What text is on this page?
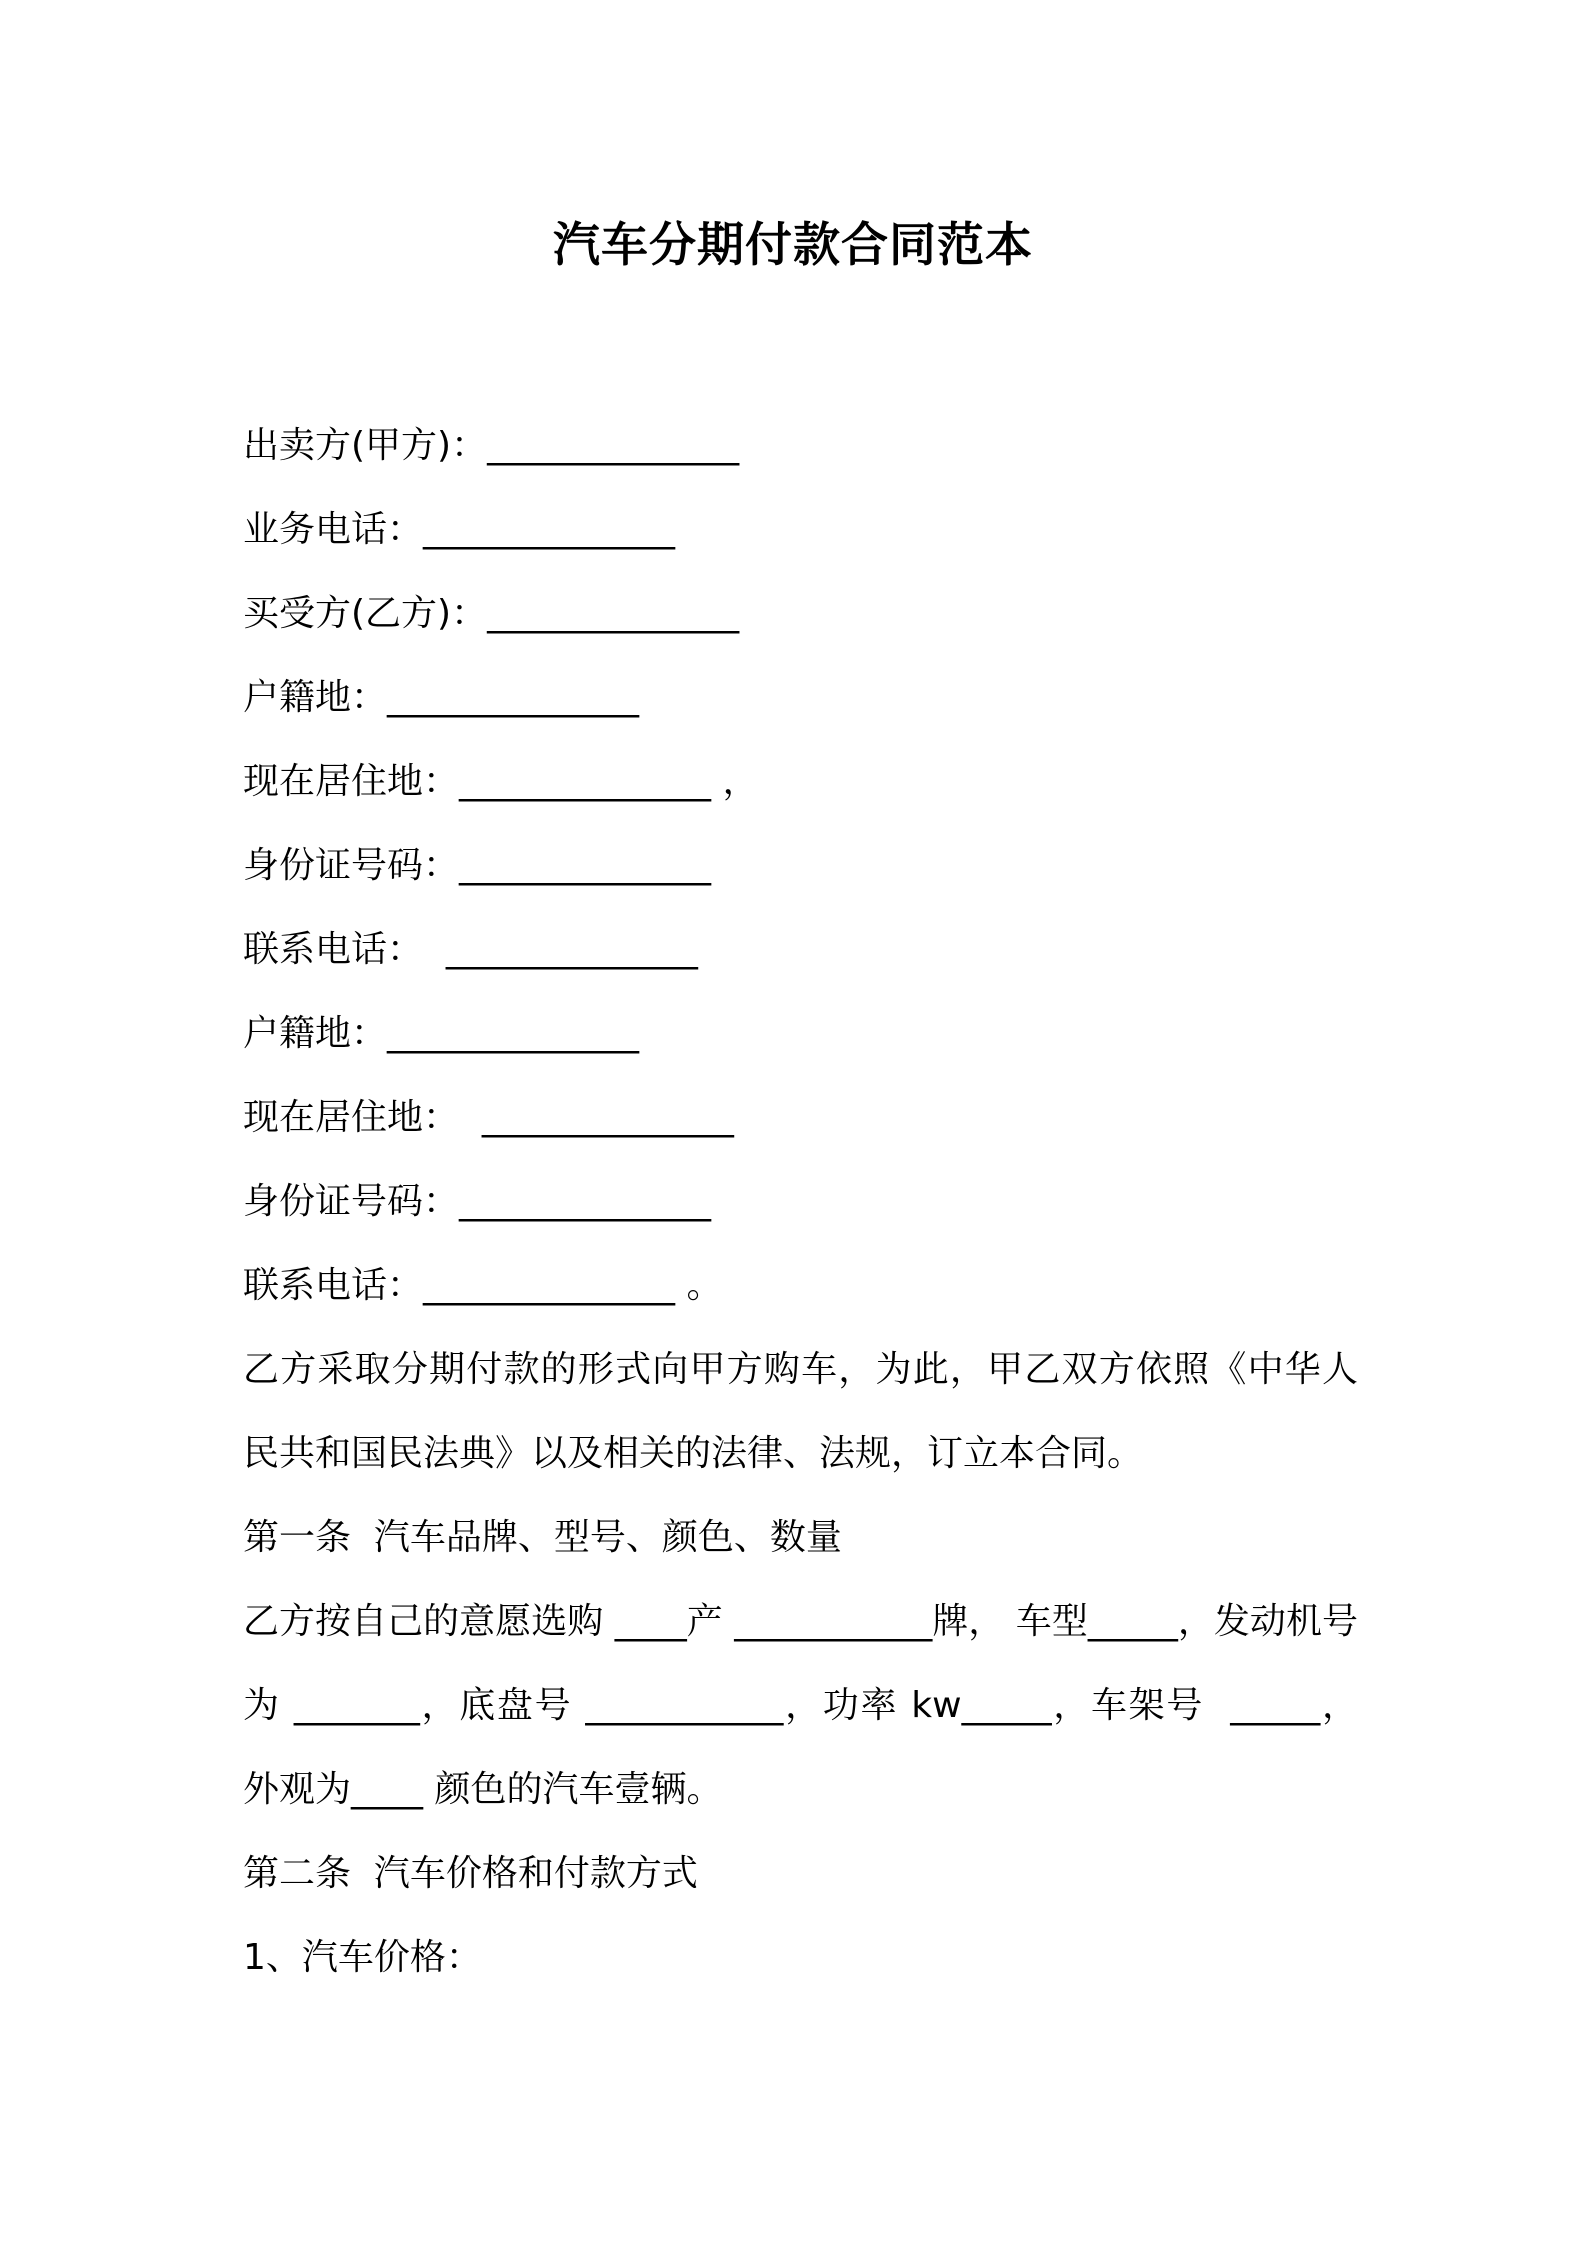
汽车分期付款合同范本
出卖方(甲方)：______________
业务电话：______________
买受方(乙方)：______________
户籍地：______________
现在居住地：______________ ，
身份证号码：______________
联系电话：  ______________
户籍地：______________
现在居住地：  ______________
身份证号码：______________
联系电话：______________ 。
乙方采取分期付款的形式向甲方购车，为此，甲乙双方依照《中华人民共和国民法典》以及相关的法律、法规，订立本合同。
第一条  汽车品牌、型号、颜色、数量
乙方按自己的意愿选购 ____产 ___________牌， 车型_____，发动机号为 _______，底盘号 ___________，功率 kw_____，车架号  _____，外观为____ 颜色的汽车壹辆。
第二条  汽车价格和付款方式
1、汽车价格：
